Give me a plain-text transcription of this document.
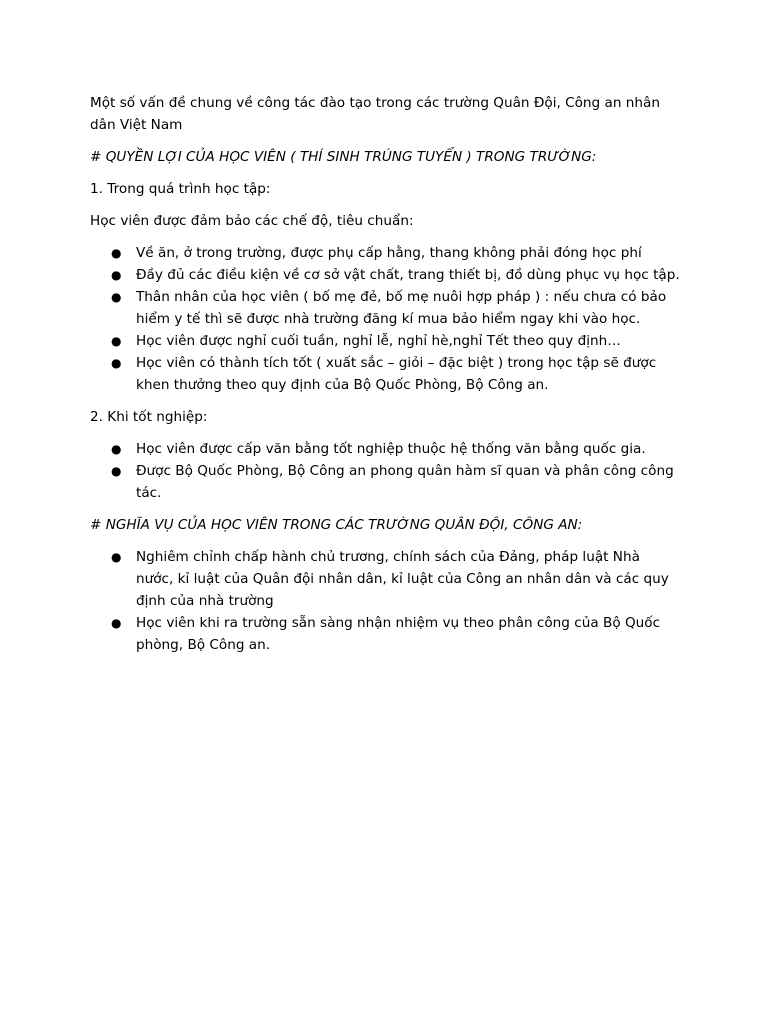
Một số vấn đề chung về công tác đào tạo trong các trường Quân Đội, Công an nhân dân Việt Nam

# QUYỀN LỢI CỦA HỌC VIÊN ( THÍ SINH TRÚNG TUYỂN ) TRONG TRƯỜNG:

1. Trong quá trình học tập:

Học viên được đảm bảo các chế độ, tiêu chuẩn:

● Về ăn, ở trong trường, được phụ cấp hằng, thang không phải đóng học phí
● Đầy đủ các điều kiện về cơ sở vật chất, trang thiết bị, đồ dùng phục vụ học tập.
● Thân nhân của học viên ( bố mẹ đẻ, bố mẹ nuôi hợp pháp ) : nếu chưa có bảo hiểm y tế thì sẽ được nhà trường đăng kí mua bảo hiểm ngay khi vào học.
● Học viên được nghỉ cuối tuần, nghỉ lễ, nghỉ hè,nghỉ Tết theo quy định…
● Học viên có thành tích tốt ( xuất sắc – giỏi – đặc biệt ) trong học tập sẽ được khen thưởng theo quy định của Bộ Quốc Phòng, Bộ Công an.

2. Khi tốt nghiệp:

● Học viên được cấp văn bằng tốt nghiệp thuộc hệ thống văn bằng quốc gia.
● Được Bộ Quốc Phòng, Bộ Công an phong quân hàm sĩ quan và phân công công tác.

# NGHĨA VỤ CỦA HỌC VIÊN TRONG CÁC TRƯỜNG QUÂN ĐỘI, CÔNG AN:

● Nghiêm chỉnh chấp hành chủ trương, chính sách của Đảng, pháp luật Nhà nước, kỉ luật của Quân đội nhân dân, kỉ luật của Công an nhân dân và các quy định của nhà trường
● Học viên khi ra trường sẵn sàng nhận nhiệm vụ theo phân công của Bộ Quốc phòng, Bộ Công an.
